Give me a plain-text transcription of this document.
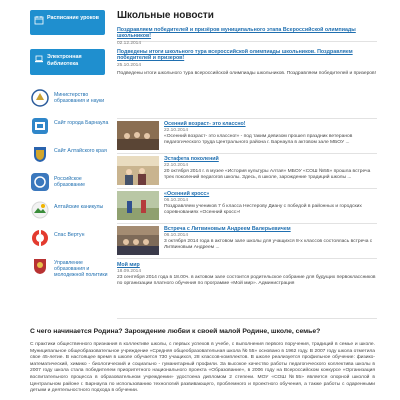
Расписание уроков
Электронная библиотека
Министерство образования и науки
Сайт города Барнаула
Сайт Алтайского края
Российское образование
Алтайские каникулы
Спас Вертун
Управление образования и молодежной политики
Школьные новости
Поздравляем победителей и призёров муниципального этапа Всероссийской олимпиады школьников!
02.12.2014
Подведены итоги школьного тура всероссийской олимпиады школьников. Поздравляем победителей и призеров!
25.10.2014
Подведены итоги школьного тура всероссийской олимпиады школьников. Поздравляем победителей и призеров!
Осенний возраст- это классно!
22.10.2014
«Осенний возраст- это классно!» - под таким девизом прошел праздник ветеранов педагогического труда Центрального района г. Барнаула в актовом зале МБОУ ...
Эстафета поколений
22.10.2014
20 октября 2014 г. в музее «История культуры Алтая» МБОУ «СОШ №55» прошла встреча трех поколений педагогов школы. Здесь, в школе, зарождение традиций школы ...
«Осенний кросс»
06.10.2014
Поздравляем учеников 7 б класса Нестерову Диану с победой в районных и городских соревнованиях «Осенний кросс»!
Встреча с Литвиновым Андреем Валерьевичем
06.10.2014
3 октября 2014 года в актовом зале школы для учащихся 8-х классов состоялась встреча с Литвиновым Андреем ...
Мой мир
18.09.2014
23 сентября 2014 года в 18.00ч. в актовом зале состоится родительское собрание для будущих первоклассников по организации платного обучения по программе «Мой мир». Администрация
С чего начинается Родина? Зарождение любви к своей малой Родине, школе, семье?
С практики общественного признания в коллективе школы, с первых успехов в учебе, с выполнения первого поручения, традиций в семье и школе. Муниципальное общеобразовательное учреждение «Средняя общеобразовательная школа № 55» основано в 1962 году. В 2007 году школа отметила свое 45-летие. В настоящее время в школе обучается 730 учащихся, 28 классов-комплектов. В школе реализуется профильное обучение: физико-математический, химико - биологический и социально - гуманитарный профили. За высокое качество работы педагогического коллектива школы в 2007 году школа стала победителем приоритетного национального проекта «Образование», в 2006 году на Всероссийском конкурсе «Организация воспитательного процесса в образовательном учреждении» удостоена дипломом 2 степени. МОУ «СОШ №55» является опорной школой в Центральном районе г. Барнаула по использованию технологий развивающего, проблемного и проектного обучения, а также работы с одаренными детьми и деятельностного подхода в обучении.
